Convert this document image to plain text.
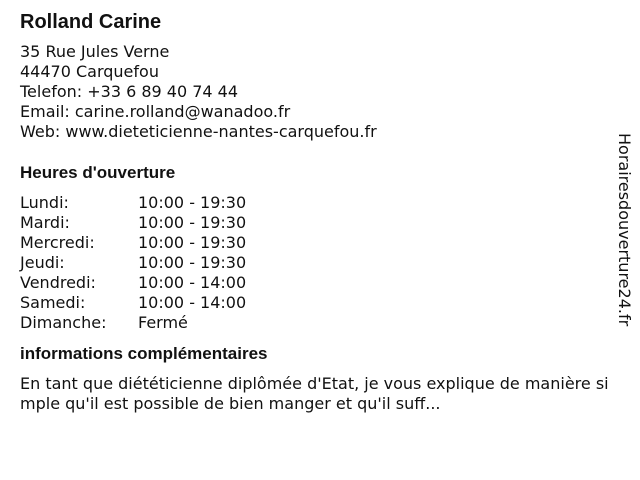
Rolland Carine
35 Rue Jules Verne
44470 Carquefou
Telefon: +33 6 89 40 74 44
Email: carine.rolland@wanadoo.fr
Web: www.dieteticienne-nantes-carquefou.fr
Heures d'ouverture
Lundi:	10:00 - 19:30
Mardi:	10:00 - 19:30
Mercredi:	10:00 - 19:30
Jeudi:	10:00 - 19:30
Vendredi:	10:00 - 14:00
Samedi:	10:00 - 14:00
Dimanche:	Fermé
informations complémentaires
En tant que diététicienne diplômée d'Etat, je vous explique de manière simple qu'il est possible de bien manger et qu'il suff...
Horairesdouverture24.fr
